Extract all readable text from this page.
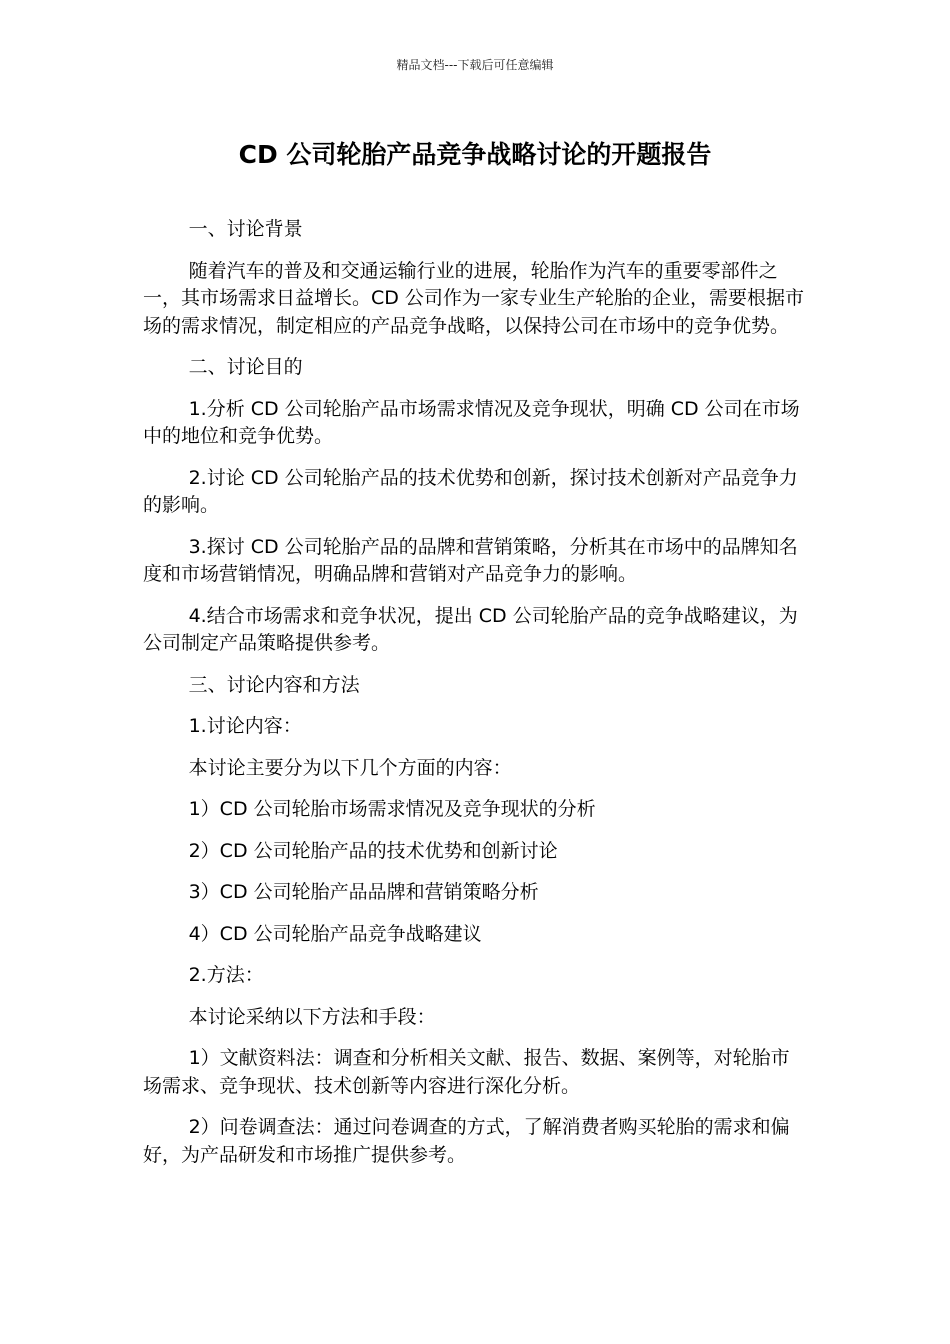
精品文档---下载后可任意编辑
CD 公司轮胎产品竞争战略讨论的开题报告

一、讨论背景

随着汽车的普及和交通运输行业的进展，轮胎作为汽车的重要零部件之一，其市场需求日益增长。CD 公司作为一家专业生产轮胎的企业，需要根据市场的需求情况，制定相应的产品竞争战略，以保持公司在市场中的竞争优势。

二、讨论目的

1.分析 CD 公司轮胎产品市场需求情况及竞争现状，明确 CD 公司在市场中的地位和竞争优势。

2.讨论 CD 公司轮胎产品的技术优势和创新，探讨技术创新对产品竞争力的影响。

3.探讨 CD 公司轮胎产品的品牌和营销策略，分析其在市场中的品牌知名度和市场营销情况，明确品牌和营销对产品竞争力的影响。

4.结合市场需求和竞争状况，提出 CD 公司轮胎产品的竞争战略建议，为公司制定产品策略提供参考。

三、讨论内容和方法

1.讨论内容：

本讨论主要分为以下几个方面的内容：

1）CD 公司轮胎市场需求情况及竞争现状的分析

2）CD 公司轮胎产品的技术优势和创新讨论

3）CD 公司轮胎产品品牌和营销策略分析

4）CD 公司轮胎产品竞争战略建议

2.方法：

本讨论采纳以下方法和手段：

1）文献资料法：调查和分析相关文献、报告、数据、案例等，对轮胎市场需求、竞争现状、技术创新等内容进行深化分析。

2）问卷调查法：通过问卷调查的方式，了解消费者购买轮胎的需求和偏好，为产品研发和市场推广提供参考。
